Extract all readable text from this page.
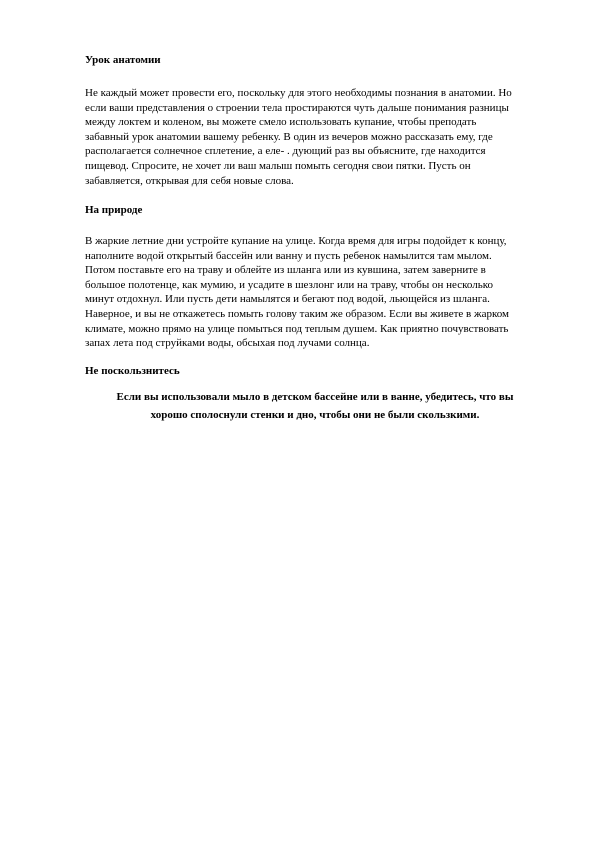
Урок анатомии
Не каждый может провести его, поскольку для этого необходимы познания в анатомии. Но
если ваши представления о строении тела простираются чуть дальше понимания разницы
между локтем и коленом, вы можете смело использовать купание, чтобы преподать
забавный урок анатомии вашему ребенку. В один из вечеров можно рассказать ему, где
располагается солнечное сплетение, а еле- . дующий раз вы объясните, где находится
пищевод. Спросите, не хочет ли ваш малыш помыть сегодня свои пятки. Пусть он
забавляется, открывая для себя новые слова.
На природе
В жаркие летние дни устройте купание на улице. Когда время для игры подойдет к концу,
наполните водой открытый бассейн или ванну и пусть ребенок намылится там мылом.
Потом поставьте его на траву и облейте из шланга или из кувшина, затем заверните в
большое полотенце, как мумию, и усадите в шезлонг или на траву, чтобы он несколько
минут отдохнул. Или пусть дети намылятся и бегают под водой, льющейся из шланга.
Наверное, и вы не откажетесь помыть голову таким же образом. Если вы живете в жарком
климате, можно прямо на улице помыться под теплым душем. Как приятно почувствовать
запах лета под струйками воды, обсыхая под лучами солнца.
Не поскользнитесь
Если вы использовали мыло в детском бассейне или в ванне, убедитесь, что вы
хорошо сполоснули стенки и дно, чтобы они не были скользкими.
